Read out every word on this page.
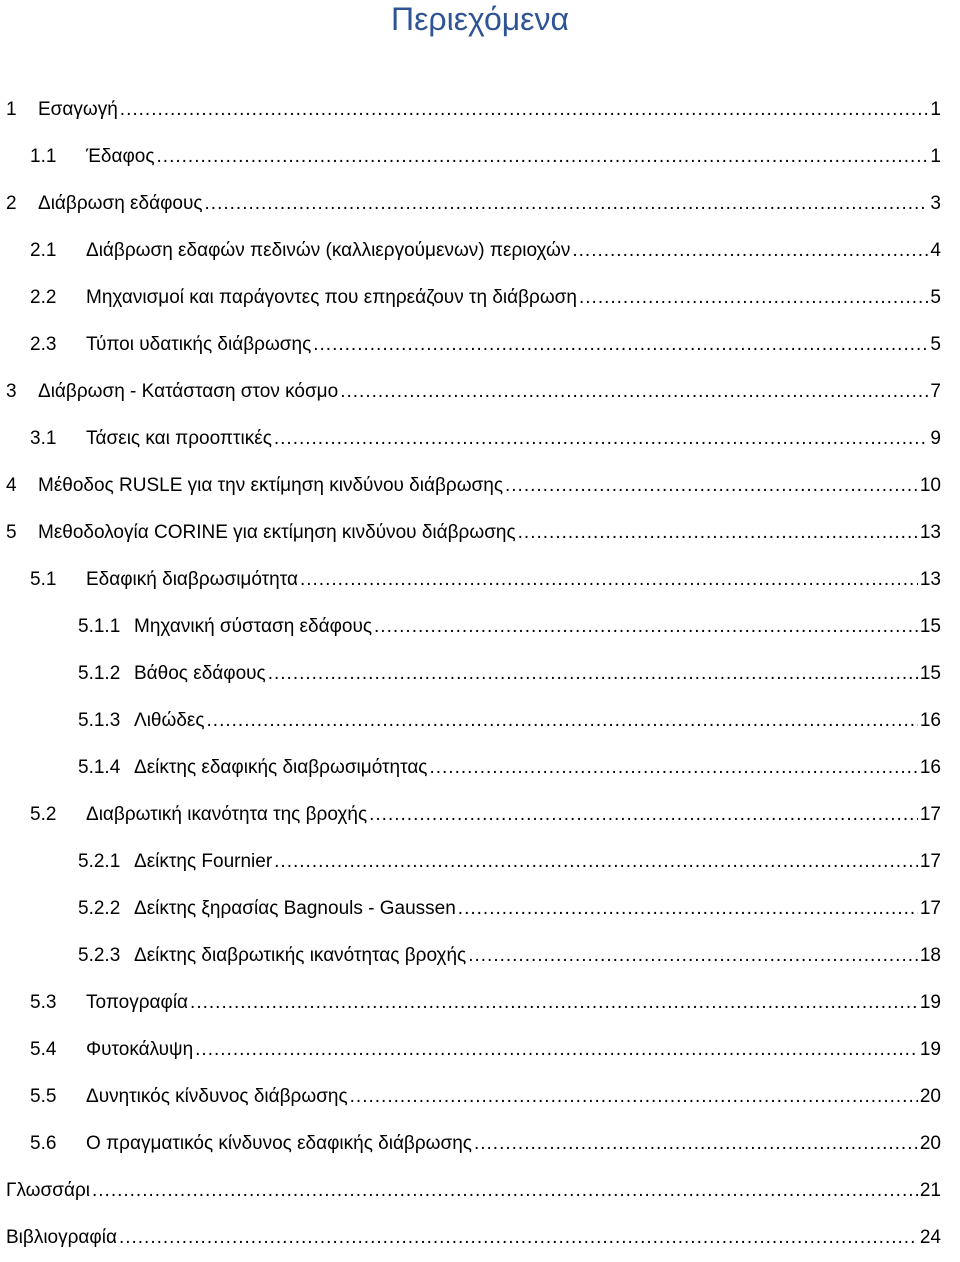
Περιεχόμενα
1 Εσαγωγή .....	1
1.1 Έδαφος .....	1
2 Διάβρωση εδάφους .....	3
2.1 Διάβρωση εδαφών πεδινών (καλλιεργούμενων) περιοχών .....	4
2.2 Μηχανισμοί και παράγοντες που επηρεάζουν τη διάβρωση .....	5
2.3 Τύποι υδατικής διάβρωσης .....	5
3 Διάβρωση - Κατάσταση στον κόσμο .....	7
3.1 Τάσεις και προοπτικές .....	9
4 Μέθοδος RUSLE για την εκτίμηση κινδύνου διάβρωσης .....	10
5 Μεθοδολογία CORINE για εκτίμηση κινδύνου διάβρωσης .....	13
5.1 Εδαφική διαβρωσιμότητα .....	13
5.1.1 Μηχανική σύσταση εδάφους .....	15
5.1.2 Βάθος εδάφους .....	15
5.1.3 Λιθώδες .....	16
5.1.4 Δείκτης εδαφικής διαβρωσιμότητας .....	16
5.2 Διαβρωτική ικανότητα της βροχής .....	17
5.2.1 Δείκτης Fournier .....	17
5.2.2 Δείκτης ξηρασίας Bagnouls - Gaussen .....	17
5.2.3 Δείκτης διαβρωτικής ικανότητας βροχής .....	18
5.3 Τοπογραφία .....	19
5.4 Φυτοκάλυψη .....	19
5.5 Δυνητικός κίνδυνος διάβρωσης .....	20
5.6 Ο πραγματικός κίνδυνος εδαφικής διάβρωσης .....	20
Γλωσσάρι .....	21
Βιβλιογραφία .....	24
